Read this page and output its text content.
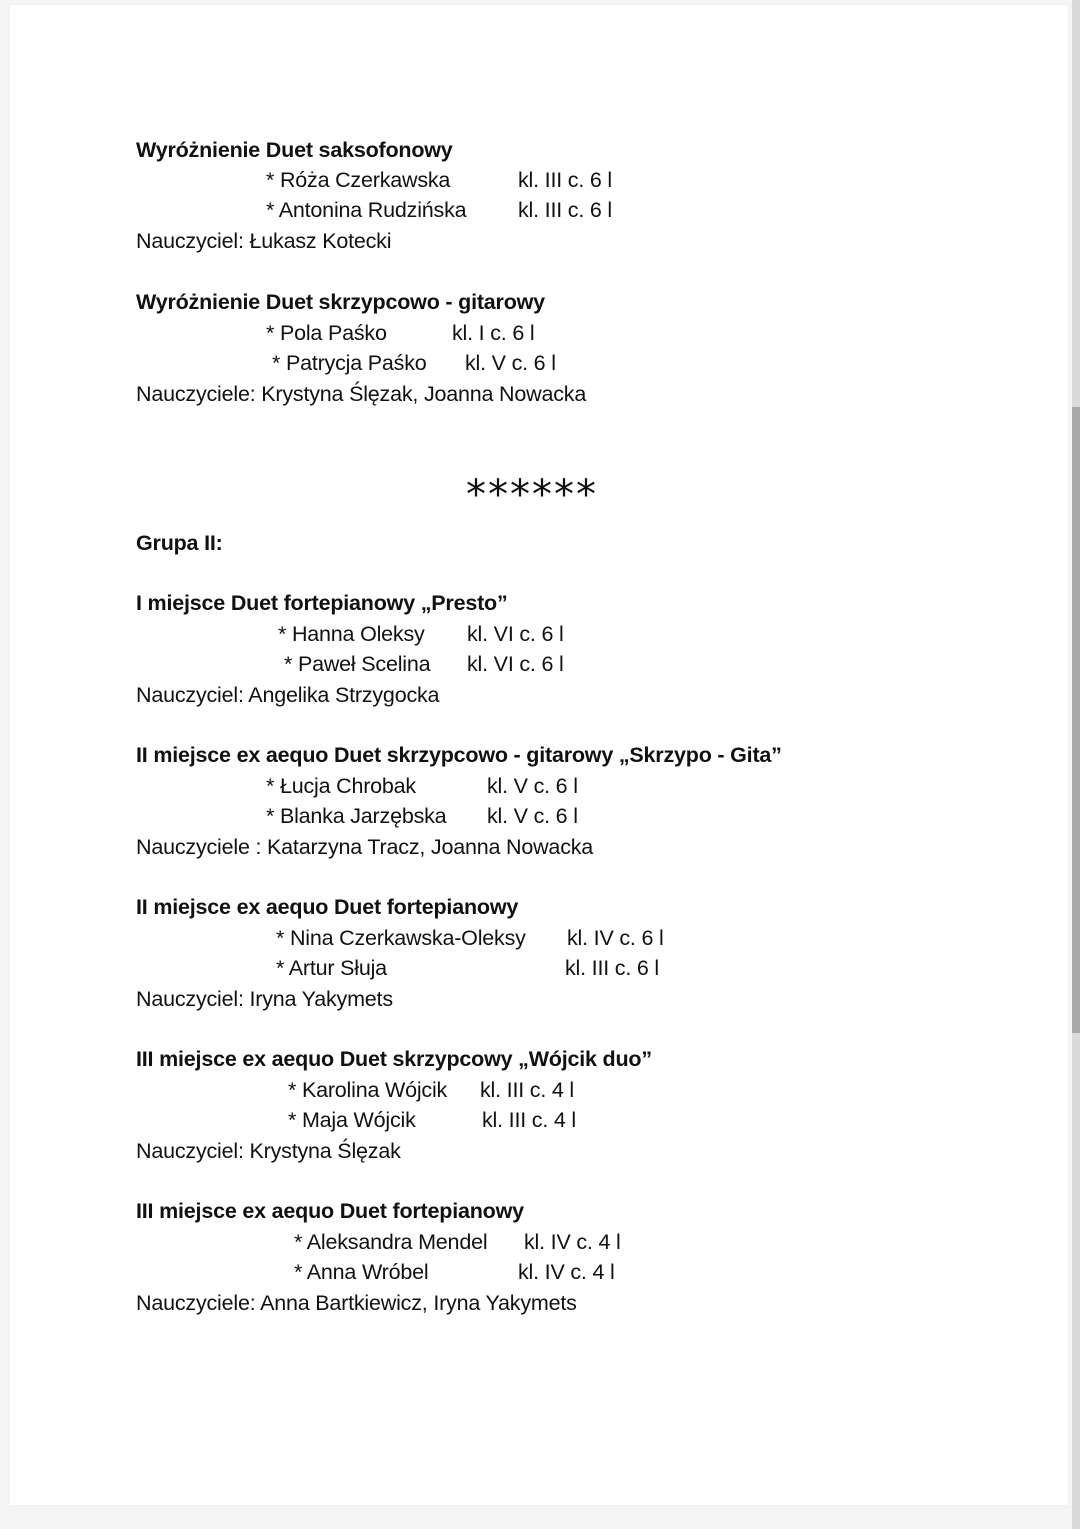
Wyróżnienie Duet saksofonowy
* Róża Czerkawska	kl. III c. 6 l
* Antonina Rudzińska kl. III c. 6 l
Nauczyciel: Łukasz Kotecki
Wyróżnienie Duet skrzypcowo - gitarowy
* Pola Paśko	kl. I c. 6 l
* Patrycja Paśko kl. V c. 6 l
Nauczyciele: Krystyna Ślęzak, Joanna Nowacka
******
Grupa II:
I miejsce Duet fortepianowy „Presto”
* Hanna Oleksy kl. VI c. 6 l
* Paweł Scelina kl. VI c. 6 l
Nauczyciel: Angelika Strzygocka
II miejsce ex aequo Duet skrzypcowo - gitarowy „Skrzypo - Gita”
* Łucja Chrobak	kl. V c. 6 l
* Blanka Jarzębska kl. V c. 6 l
Nauczyciele : Katarzyna Tracz, Joanna Nowacka
II miejsce ex aequo Duet fortepianowy
* Nina Czerkawska-Oleksy kl. IV c. 6 l
* Artur Słuja	kl. III c. 6 l
Nauczyciel: Iryna Yakymets
III miejsce ex aequo Duet skrzypcowy „Wójcik duo”
* Karolina Wójcik kl. III c. 4 l
* Maja Wójcik	kl. III c. 4 l
Nauczyciel: Krystyna Ślęzak
III miejsce ex aequo Duet fortepianowy
* Aleksandra Mendel kl. IV c. 4 l
* Anna Wróbel	kl. IV c. 4 l
Nauczyciele: Anna Bartkiewicz, Iryna Yakymets
